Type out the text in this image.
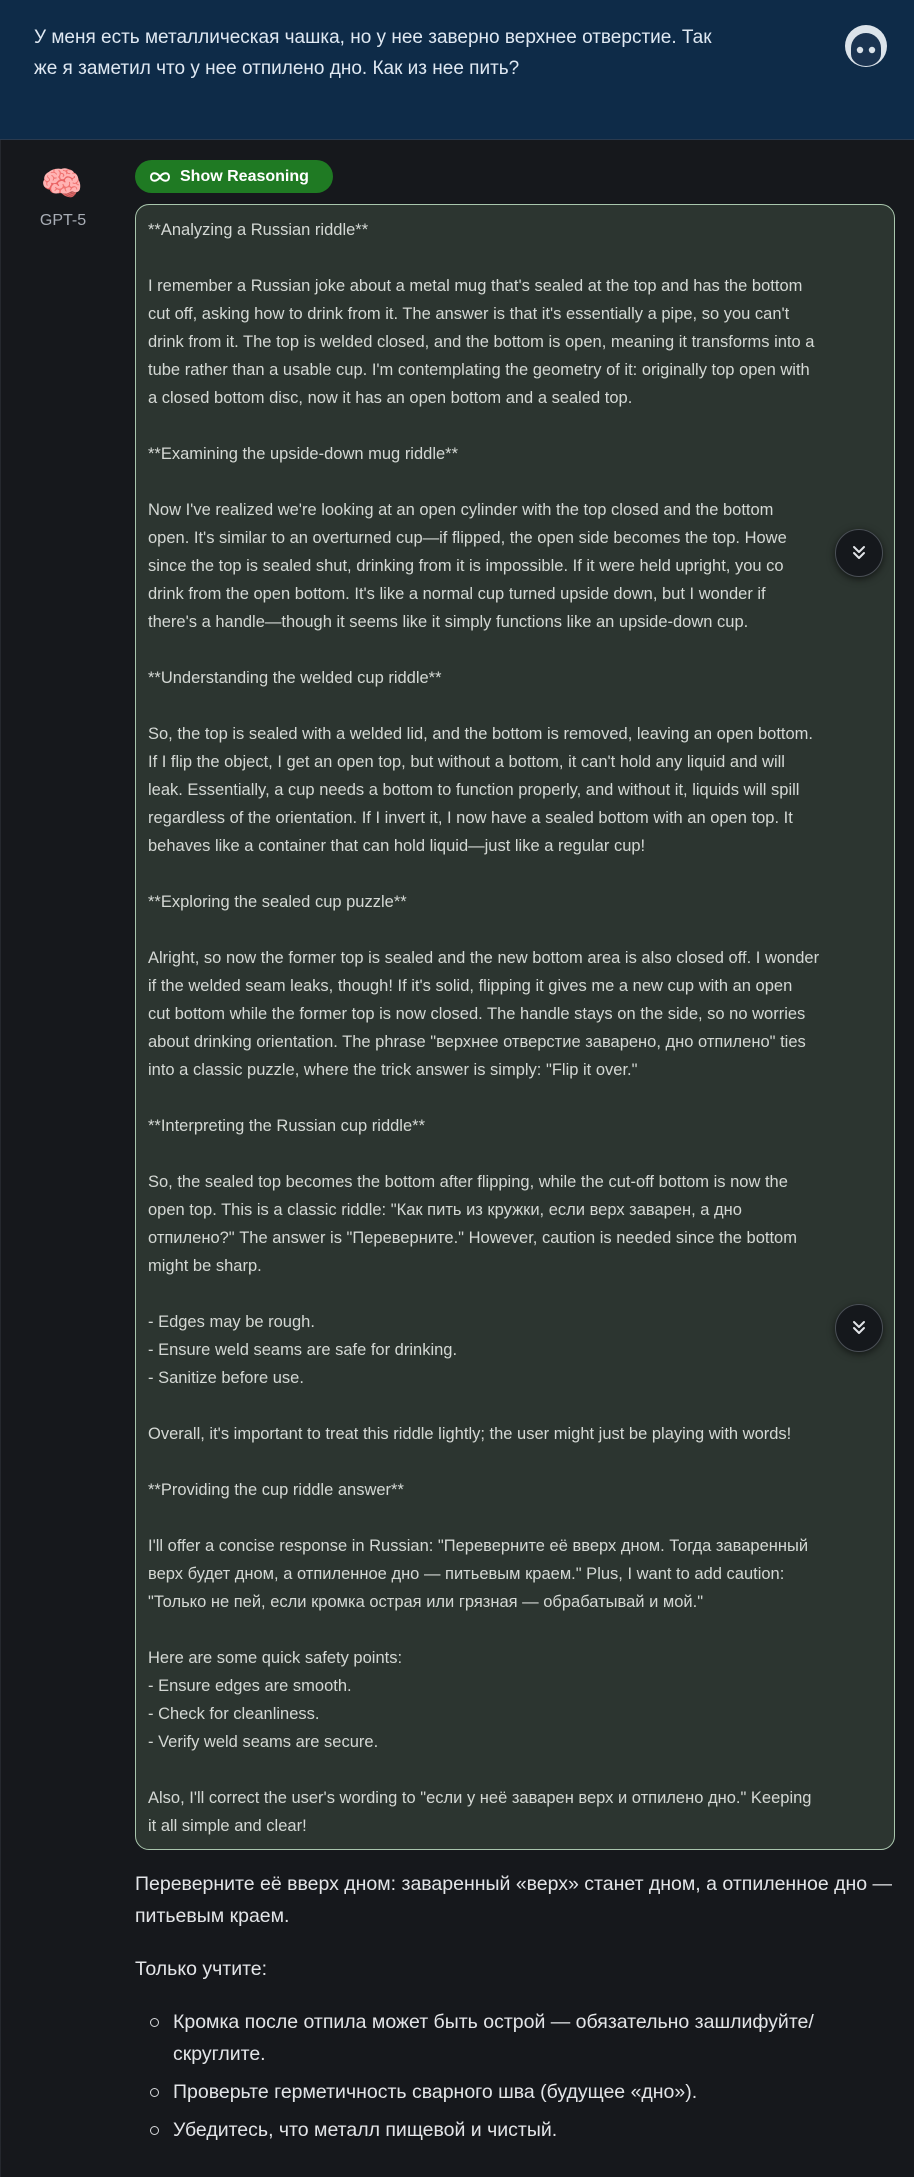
У меня есть металлическая чашка, но у нее заверно верхнее отверстие. Так
же я заметил что у нее отпилено дно. Как из нее пить?
🧠
GPT-5
Show Reasoning
**Analyzing a Russian riddle**
I remember a Russian joke about a metal mug that's sealed at the top and has the bottom
cut off, asking how to drink from it. The answer is that it's essentially a pipe, so you can't
drink from it. The top is welded closed, and the bottom is open, meaning it transforms into a
tube rather than a usable cup. I'm contemplating the geometry of it: originally top open with
a closed bottom disc, now it has an open bottom and a sealed top.
**Examining the upside-down mug riddle**
Now I've realized we're looking at an open cylinder with the top closed and the bottom
open. It's similar to an overturned cup—if flipped, the open side becomes the top. Howe
since the top is sealed shut, drinking from it is impossible. If it were held upright, you co
drink from the open bottom. It's like a normal cup turned upside down, but I wonder if
there's a handle—though it seems like it simply functions like an upside-down cup.
**Understanding the welded cup riddle**
So, the top is sealed with a welded lid, and the bottom is removed, leaving an open bottom.
If I flip the object, I get an open top, but without a bottom, it can't hold any liquid and will
leak. Essentially, a cup needs a bottom to function properly, and without it, liquids will spill
regardless of the orientation. If I invert it, I now have a sealed bottom with an open top. It
behaves like a container that can hold liquid—just like a regular cup!
**Exploring the sealed cup puzzle**
Alright, so now the former top is sealed and the new bottom area is also closed off. I wonder
if the welded seam leaks, though! If it's solid, flipping it gives me a new cup with an open
cut bottom while the former top is now closed. The handle stays on the side, so no worries
about drinking orientation. The phrase "верхнее отверстие заварено, дно отпилено" ties
into a classic puzzle, where the trick answer is simply: "Flip it over."
**Interpreting the Russian cup riddle**
So, the sealed top becomes the bottom after flipping, while the cut-off bottom is now the
open top. This is a classic riddle: "Как пить из кружки, если верх заварен, а дно
отпилено?" The answer is "Переверните." However, caution is needed since the bottom
might be sharp.
- Edges may be rough.
- Ensure weld seams are safe for drinking.
- Sanitize before use.
Overall, it's important to treat this riddle lightly; the user might just be playing with words!
**Providing the cup riddle answer**
I'll offer a concise response in Russian: "Переверните её вверх дном. Тогда заваренный
верх будет дном, а отпиленное дно — питьевым краем." Plus, I want to add caution:
"Только не пей, если кромка острая или грязная — обрабатывай и мой."
Here are some quick safety points:
- Ensure edges are smooth.
- Check for cleanliness.
- Verify weld seams are secure.
Also, I'll correct the user's wording to "если у неё заварен верх и отпилено дно." Keeping
it all simple and clear!

Переверните её вверх дном: заваренный «верх» станет дном, а отпиленное дно — питьевым краем.

Только учтите:

Кромка после отпила может быть острой — обязательно зашлифуйте/скруглите.
Проверьте герметичность сварного шва (будущее «дно»).
Убедитесь, что металл пищевой и чистый.
